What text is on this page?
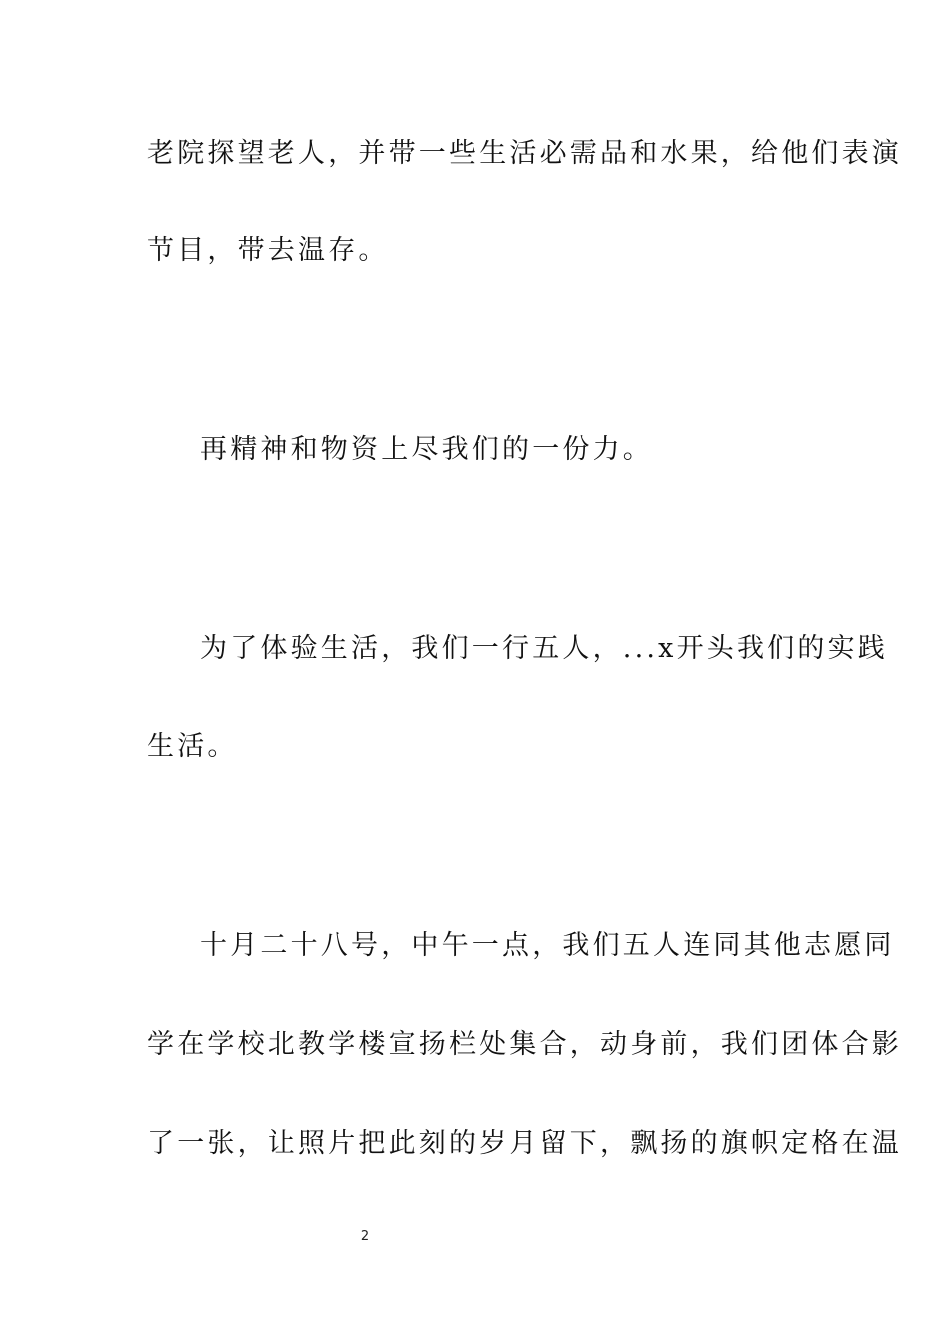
老院探望老人，并带一些生活必需品和水果，给他们表演
节目，带去温存。
再精神和物资上尽我们的一份力。
为了体验生活，我们一行五人，...x开头我们的实践
生活。
十月二十八号，中午一点，我们五人连同其他志愿同
学在学校北教学楼宣扬栏处集合，动身前，我们团体合影
了一张，让照片把此刻的岁月留下，飘扬的旗帜定格在温
2
